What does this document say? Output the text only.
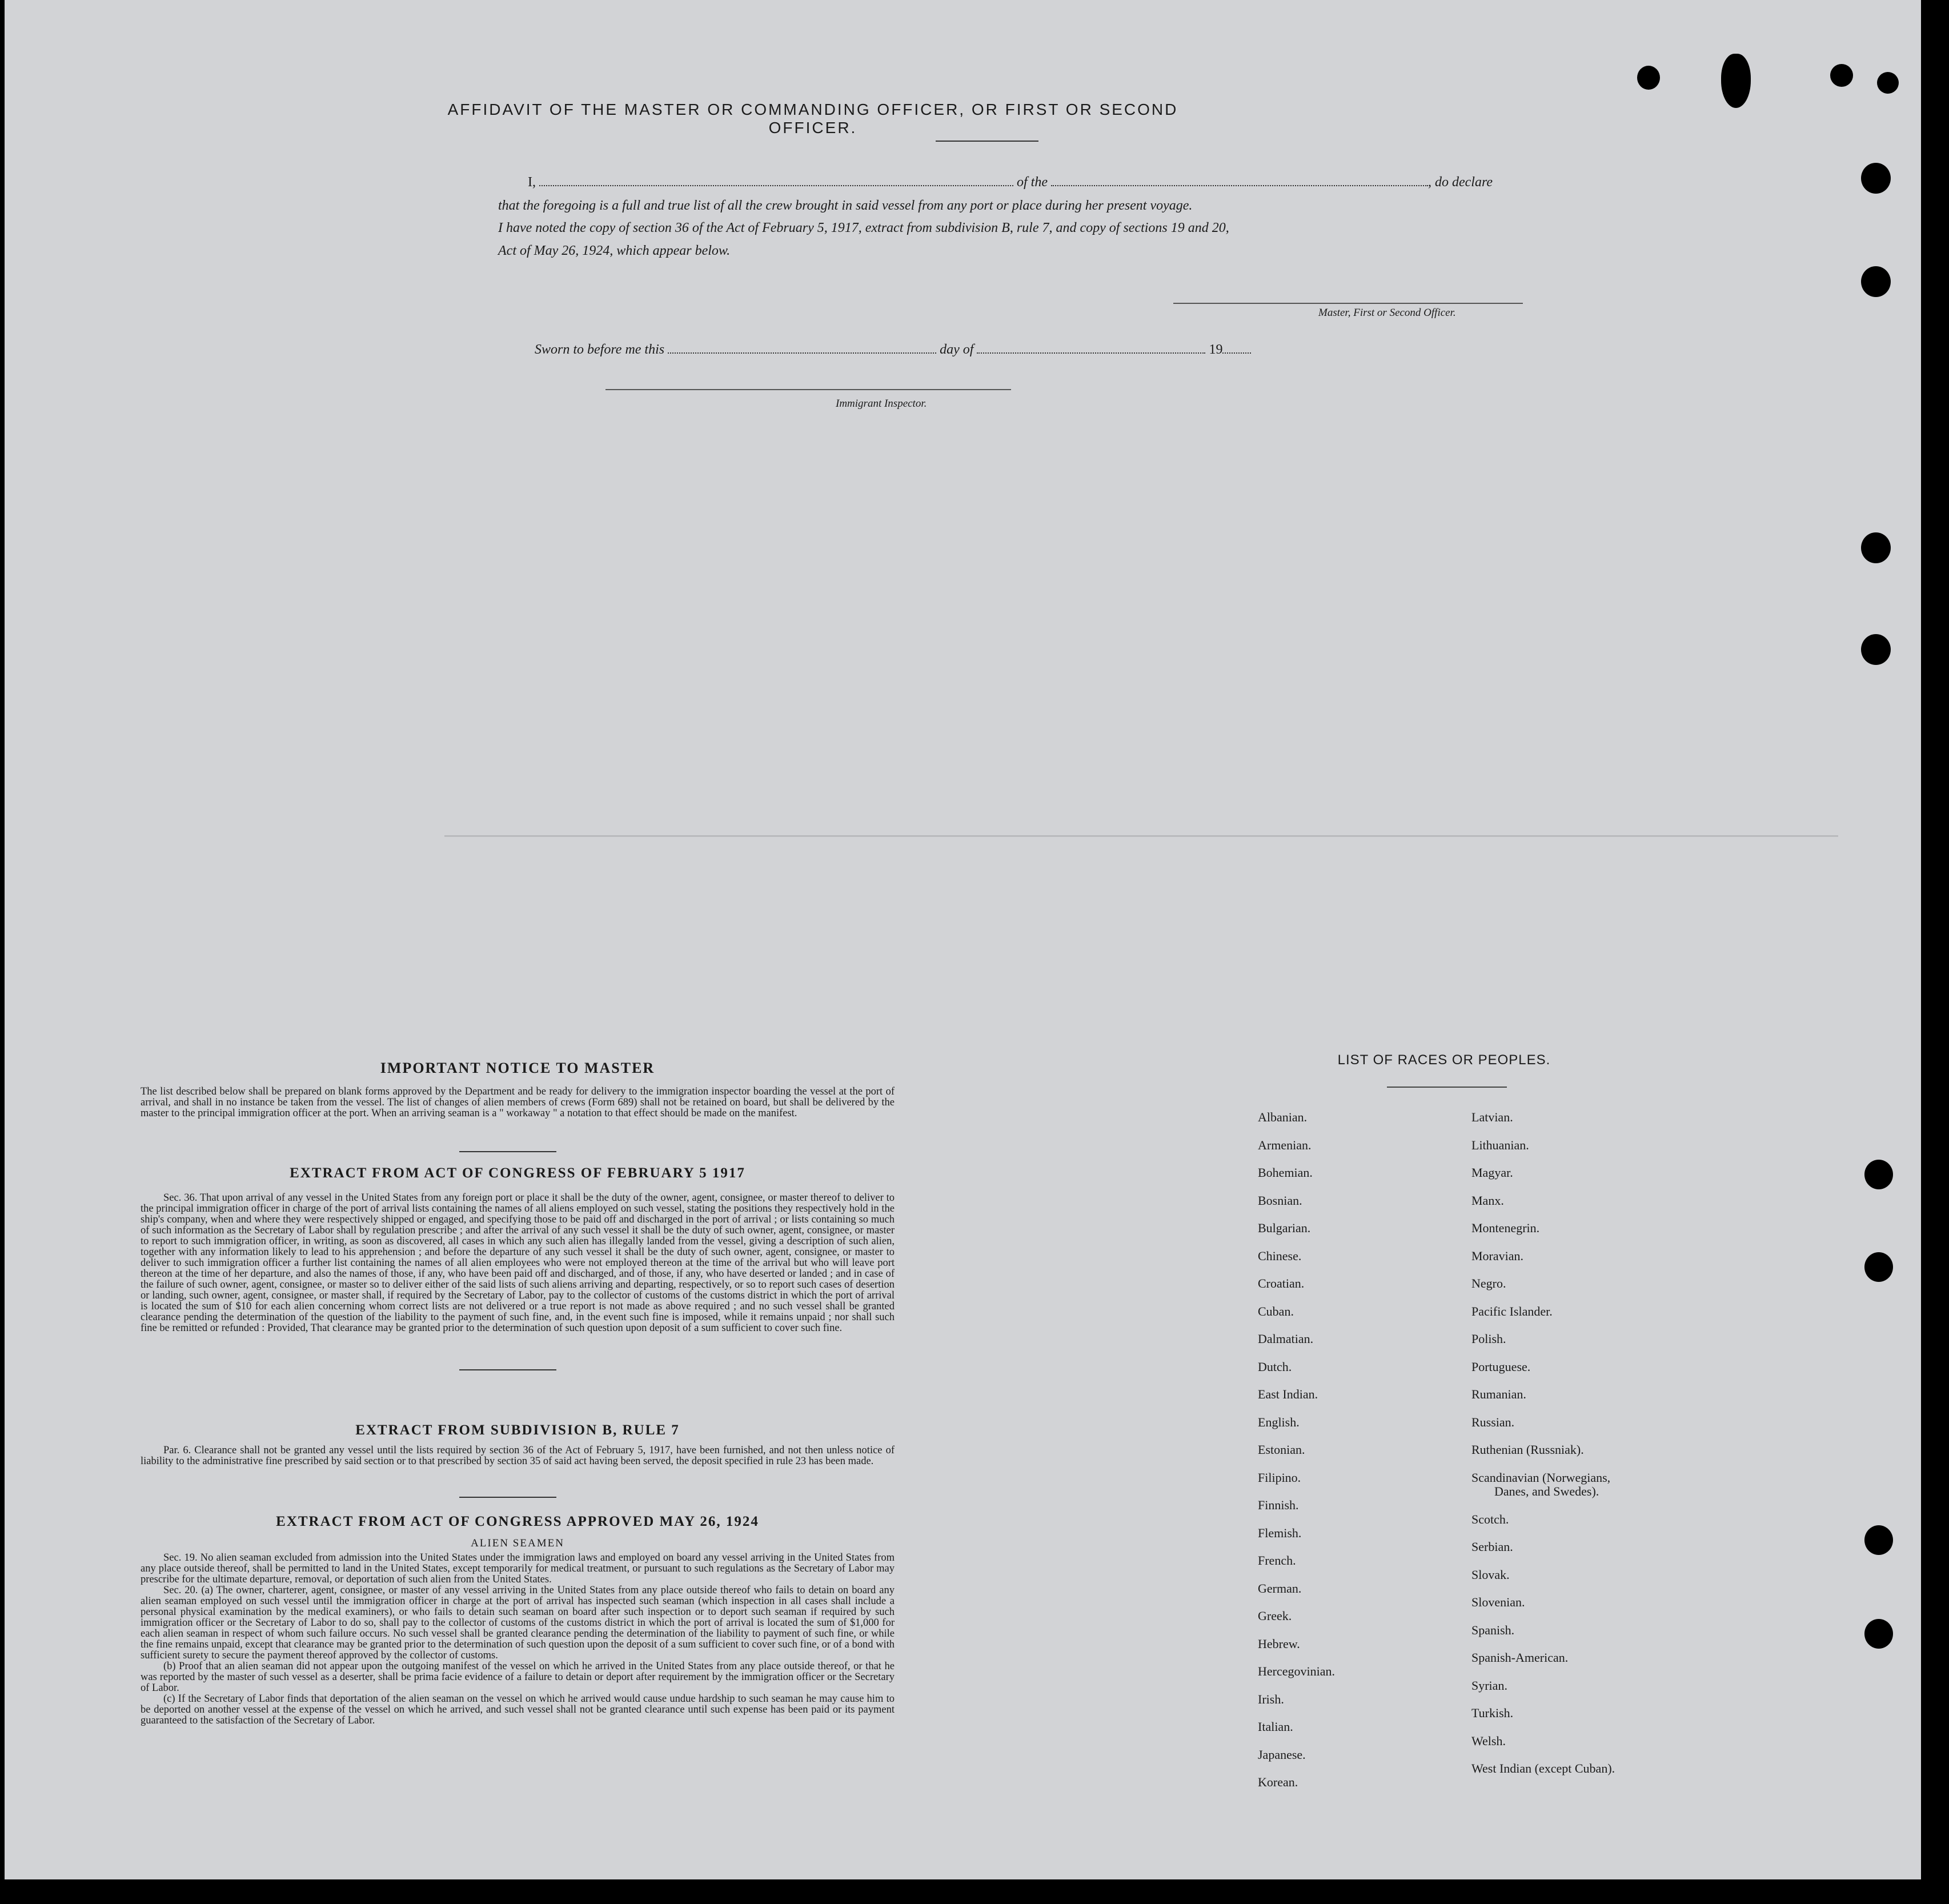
AFFIDAVIT OF THE MASTER OR COMMANDING OFFICER, OR FIRST OR SECOND OFFICER.
I,	of the	, do declare
that the foregoing is a full and true list of all the crew brought in said vessel from any port or place during her present voyage.
I have noted the copy of section 36 of the Act of February 5, 1917, extract from subdivision B, rule 7, and copy of sections 19 and 20,
Act of May 26, 1924, which appear below.
Master, First or Second Officer.
Sworn to before me this	day of	19
Immigrant Inspector.
IMPORTANT NOTICE TO MASTER

The list described below shall be prepared on blank forms approved by the Department and be ready for delivery to the immigration inspector boarding the vessel at the port of arrival, and shall in no instance be taken from the vessel. The list of changes of alien members of crews (Form 689) shall not be retained on board, but shall be delivered by the master to the principal immigration officer at the port. When an arriving seaman is a " workaway " a notation to that effect should be made on the manifest.

EXTRACT FROM ACT OF CONGRESS OF FEBRUARY 5 1917

Sec. 36. That upon arrival of any vessel in the United States from any foreign port or place it shall be the duty of the owner, agent, consignee, or master thereof to deliver to the principal immigration officer in charge of the port of arrival lists containing the names of all aliens employed on such vessel, stating the positions they respectively hold in the ship's company, when and where they were respectively shipped or engaged, and specifying those to be paid off and discharged in the port of arrival ; or lists containing so much of such information as the Secretary of Labor shall by regulation prescribe ; and after the arrival of any such vessel it shall be the duty of such owner, agent, consignee, or master to report to such immigration officer, in writing, as soon as discovered, all cases in which any such alien has illegally landed from the vessel, giving a description of such alien, together with any information likely to lead to his apprehension ; and before the departure of any such vessel it shall be the duty of such owner, agent, consignee, or master to deliver to such immigration officer a further list containing the names of all alien employees who were not employed thereon at the time of the arrival but who will leave port thereon at the time of her departure, and also the names of those, if any, who have been paid off and discharged, and of those, if any, who have deserted or landed ; and in case of the failure of such owner, agent, consignee, or master so to deliver either of the said lists of such aliens arriving and departing, respectively, or so to report such cases of desertion or landing, such owner, agent, consignee, or master shall, if required by the Secretary of Labor, pay to the collector of customs of the customs district in which the port of arrival is located the sum of $10 for each alien concerning whom correct lists are not delivered or a true report is not made as above required ; and no such vessel shall be granted clearance pending the determination of the question of the liability to the payment of such fine, and, in the event such fine is imposed, while it remains unpaid ; nor shall such fine be remitted or refunded : Provided, That clearance may be granted prior to the determination of such question upon deposit of a sum sufficient to cover such fine.

EXTRACT FROM SUBDIVISION B, RULE 7

Par. 6. Clearance shall not be granted any vessel until the lists required by section 36 of the Act of February 5, 1917, have been furnished, and not then unless notice of liability to the administrative fine prescribed by said section or to that prescribed by section 35 of said act having been served, the deposit specified in rule 23 has been made.

EXTRACT FROM ACT OF CONGRESS APPROVED MAY 26, 1924
ALIEN SEAMEN

Sec. 19. No alien seaman excluded from admission into the United States under the immigration laws and employed on board any vessel arriving in the United States from any place outside thereof, shall be permitted to land in the United States, except temporarily for medical treatment, or pursuant to such regulations as the Secretary of Labor may prescribe for the ultimate departure, removal, or deportation of such alien from the United States.

Sec. 20. (a) The owner, charterer, agent, consignee, or master of any vessel arriving in the United States from any place outside thereof who fails to detain on board any alien seaman employed on such vessel until the immigration officer in charge at the port of arrival has inspected such seaman (which inspection in all cases shall include a personal physical examination by the medical examiners), or who fails to detain such seaman on board after such inspection or to deport such seaman if required by such immigration officer or the Secretary of Labor to do so, shall pay to the collector of customs of the customs district in which the port of arrival is located the sum of $1,000 for each alien seaman in respect of whom such failure occurs. No such vessel shall be granted clearance pending the determination of the liability to payment of such fine, or while the fine remains unpaid, except that clearance may be granted prior to the determination of such question upon the deposit of a sum sufficient to cover such fine, or of a bond with sufficient surety to secure the payment thereof approved by the collector of customs.

(b) Proof that an alien seaman did not appear upon the outgoing manifest of the vessel on which he arrived in the United States from any place outside thereof, or that he was reported by the master of such vessel as a deserter, shall be prima facie evidence of a failure to detain or deport after requirement by the immigration officer or the Secretary of Labor.

(c) If the Secretary of Labor finds that deportation of the alien seaman on the vessel on which he arrived would cause undue hardship to such seaman he may cause him to be deported on another vessel at the expense of the vessel on which he arrived, and such vessel shall not be granted clearance until such expense has been paid or its payment guaranteed to the satisfaction of the Secretary of Labor.

LIST OF RACES OR PEOPLES.
Albanian.
Armenian.
Bohemian.
Bosnian.
Bulgarian.
Chinese.
Croatian.
Cuban.
Dalmatian.
Dutch.
East Indian.
English.
Estonian.
Filipino.
Finnish.
Flemish.
French.
German.
Greek.
Hebrew.
Hercegovinian.
Irish.
Italian.
Japanese.
Korean.
Latvian.
Lithuanian.
Magyar.
Manx.
Montenegrin.
Moravian.
Negro.
Pacific Islander.
Polish.
Portuguese.
Rumanian.
Russian.
Ruthenian (Russniak).
Scandinavian (Norwegians,
Danes, and Swedes).
Scotch.
Serbian.
Slovak.
Slovenian.
Spanish.
Spanish-American.
Syrian.
Turkish.
Welsh.
West Indian (except Cuban).
